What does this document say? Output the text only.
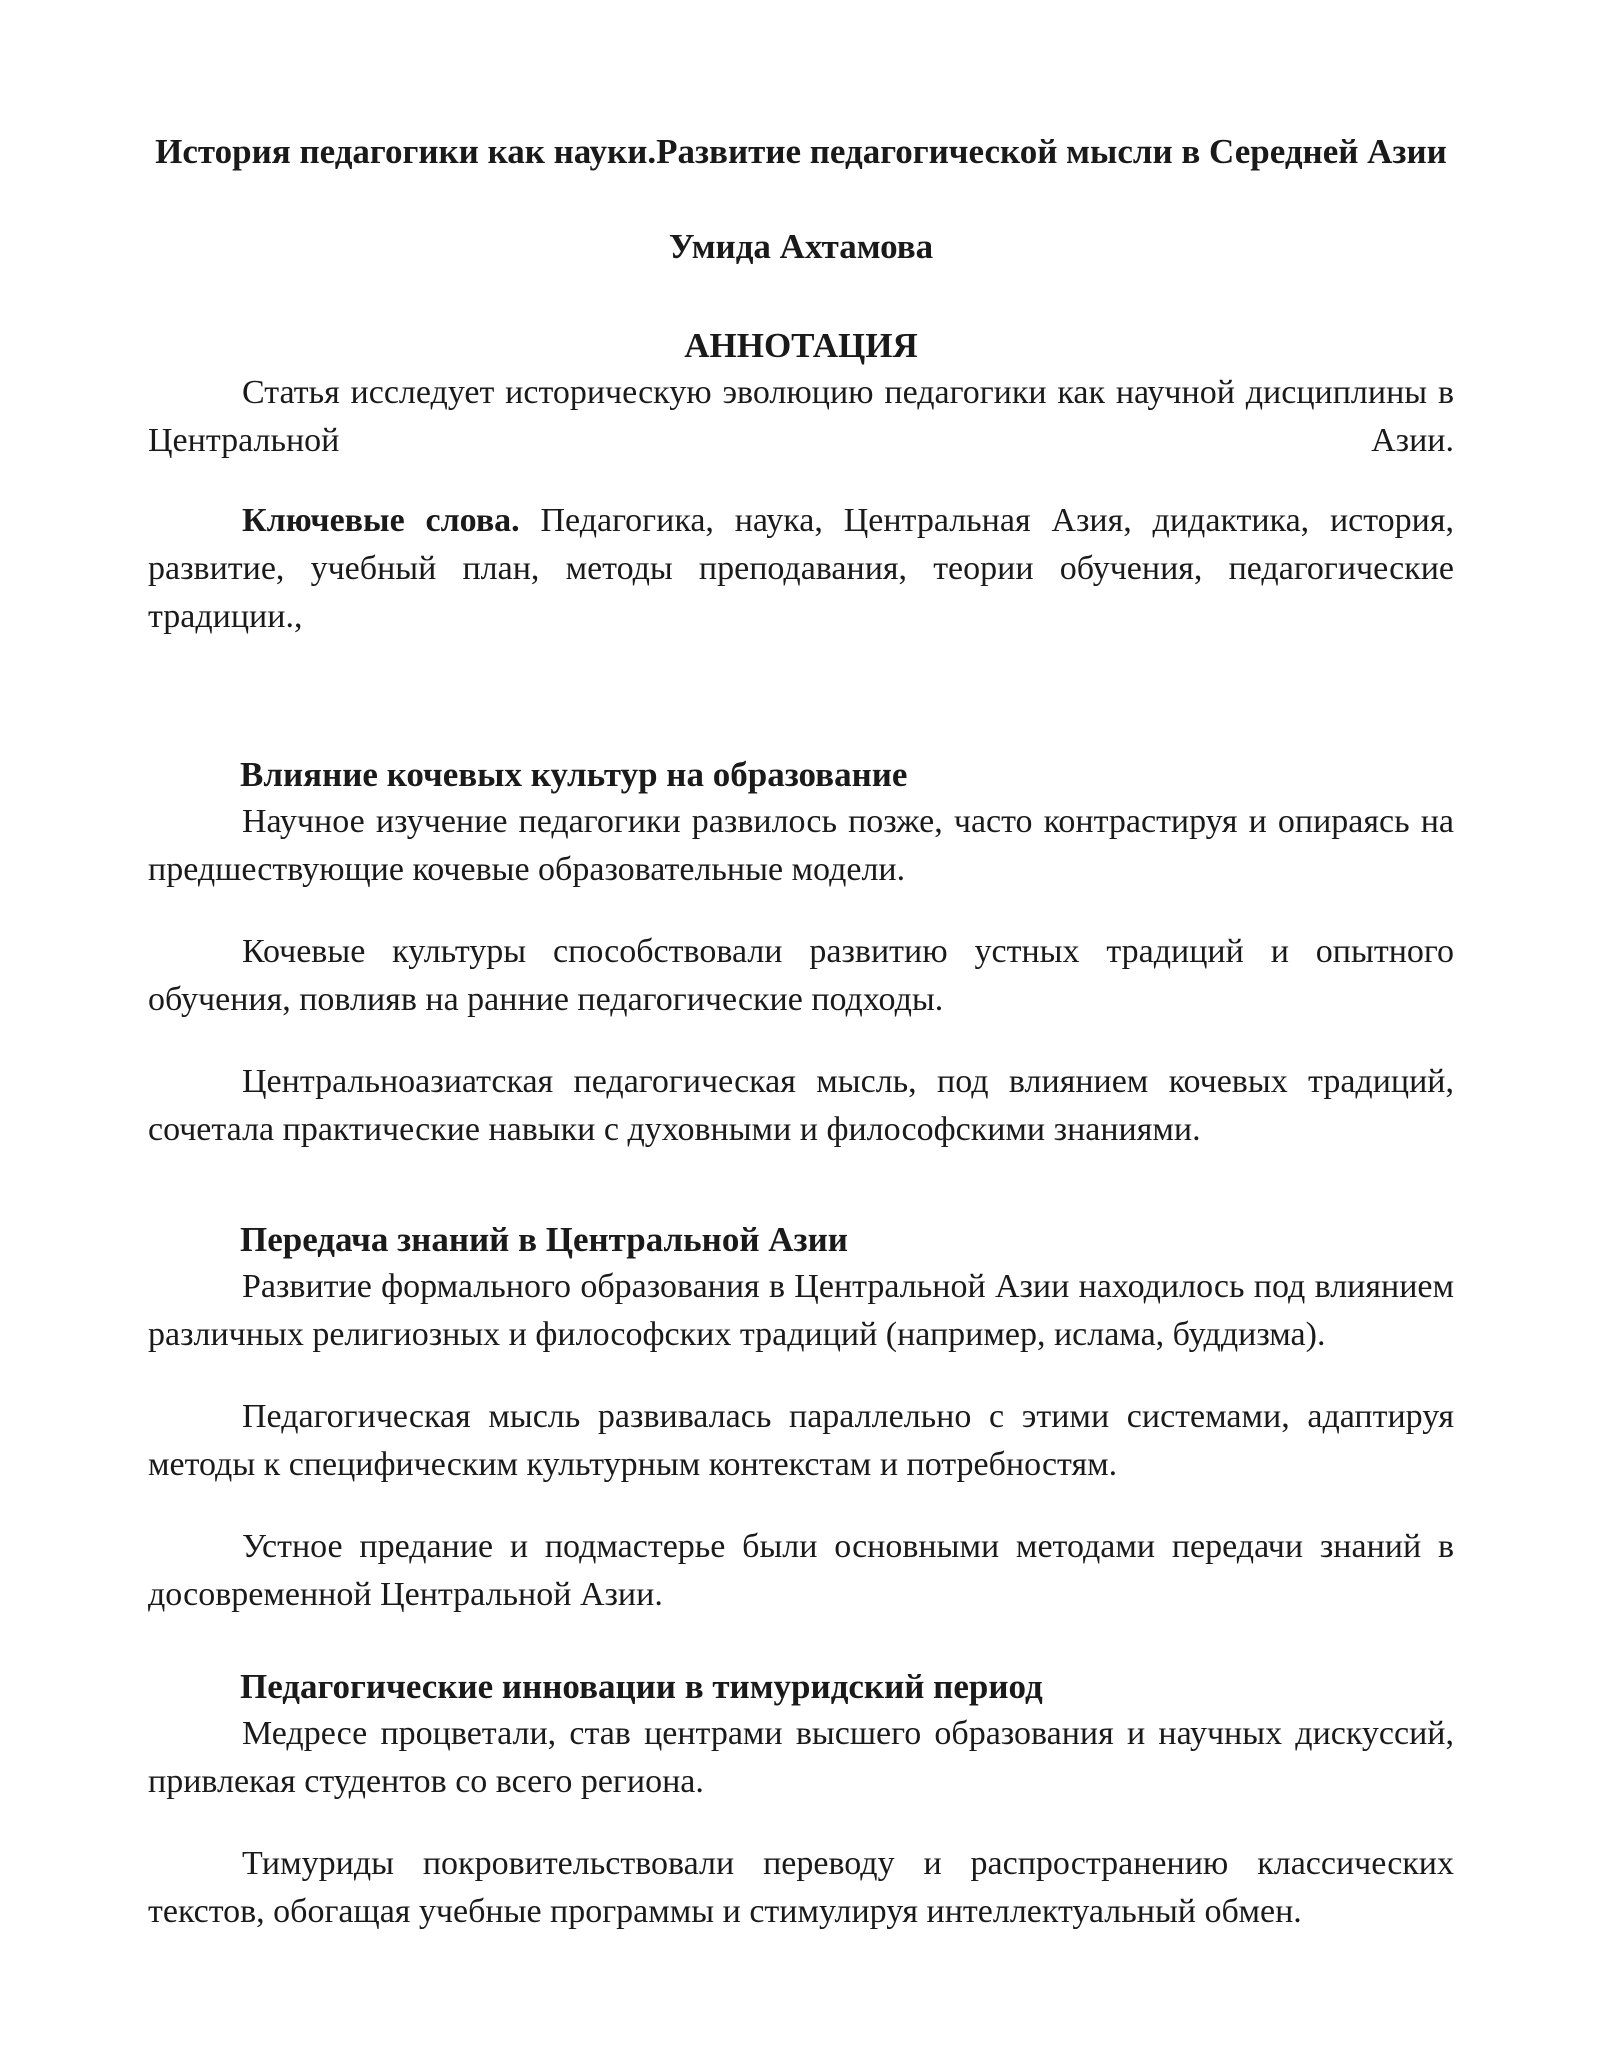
История педагогики как науки.Развитие педагогической мысли в Середней Азии

Умида Ахтамова

АННОТАЦИЯ

Статья исследует историческую эволюцию педагогики как научной дисциплины в Центральной Азии.

Ключевые слова. Педагогика, наука, Центральная Азия, дидактика, история, развитие, учебный план, методы преподавания, теории обучения, педагогические традиции.,

Влияние кочевых культур на образование

Научное изучение педагогики развилось позже, часто контрастируя и опираясь на предшествующие кочевые образовательные модели.

Кочевые культуры способствовали развитию устных традиций и опытного обучения, повлияв на ранние педагогические подходы.

Центральноазиатская педагогическая мысль, под влиянием кочевых традиций, сочетала практические навыки с духовными и философскими знаниями.

Передача знаний в Центральной Азии

Развитие формального образования в Центральной Азии находилось под влиянием различных религиозных и философских традиций (например, ислама, буддизма).

Педагогическая мысль развивалась параллельно с этими системами, адаптируя методы к специфическим культурным контекстам и потребностям.

Устное предание и подмастерье были основными методами передачи знаний в досовременной Центральной Азии.

Педагогические инновации в тимуридский период

Медресе процветали, став центрами высшего образования и научных дискуссий, привлекая студентов со всего региона.

Тимуриды покровительствовали переводу и распространению классических текстов, обогащая учебные программы и стимулируя интеллектуальный обмен.
